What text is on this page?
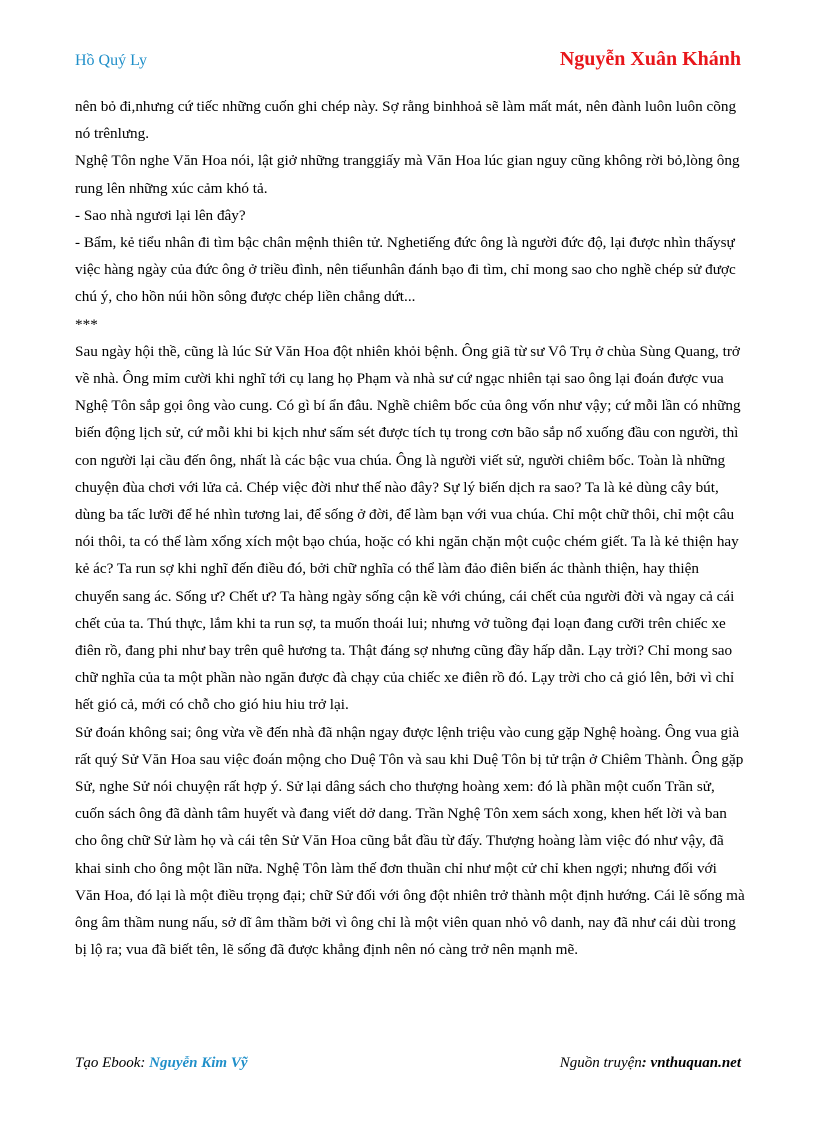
Hồ Quý Ly	Nguyễn Xuân Khánh

nên bỏ đi,nhưng cứ tiếc những cuốn ghi chép này. Sợ rằng binhhoả sẽ làm mất mát, nên đành luôn luôn cõng nó trênlưng.

Nghệ Tôn nghe Văn Hoa nói, lật giở những tranggiấy mà Văn Hoa lúc gian nguy cũng không rời bỏ,lòng ông rung lên những xúc cảm khó tả.

- Sao nhà ngươi lại lên đây?

- Bẩm, kẻ tiểu nhân đi tìm bậc chân mệnh thiên tử. Nghetiếng đức ông là người đức độ, lại được nhìn thấysự việc hàng ngày của đức ông ở triều đình, nên tiểunhân đánh bạo đi tìm, chỉ mong sao cho nghề chép sử được chú ý, cho hồn núi hồn sông được chép liền chẳng dứt...

***

Sau ngày hội thề, cũng là lúc Sử Văn Hoa đột nhiên khỏi bệnh. Ông giã từ sư Vô Trụ ở chùa Sùng Quang, trở về nhà. Ông mỉm cười khi nghĩ tới cụ lang họ Phạm và nhà sư cứ ngạc nhiên tại sao ông lại đoán được vua Nghệ Tôn sắp gọi ông vào cung. Có gì bí ẩn đâu. Nghề chiêm bốc của ông vốn như vậy; cứ mỗi lần có những biến động lịch sử, cứ mỗi khi bi kịch như sấm sét được tích tụ trong cơn bão sắp nổ xuống đầu con người, thì con người lại cầu đến ông, nhất là các bậc vua chúa. Ông là người viết sử, người chiêm bốc. Toàn là những chuyện đùa chơi với lửa cả. Chép việc đời như thế nào đây? Sự lý biến dịch ra sao? Ta là kẻ dùng cây bút, dùng ba tấc lưỡi để hé nhìn tương lai, để sống ở đời, để làm bạn với vua chúa. Chỉ một chữ thôi, chỉ một câu nói thôi, ta có thể làm xổng xích một bạo chúa, hoặc có khi ngăn chặn một cuộc chém giết. Ta là kẻ thiện hay kẻ ác? Ta run sợ khi nghĩ đến điều đó, bởi chữ nghĩa có thể làm đảo điên biến ác thành thiện, hay thiện chuyển sang ác. Sống ư? Chết ư? Ta hàng ngày sống cận kề với chúng, cái chết của người đời và ngay cả cái chết của ta. Thú thực, lắm khi ta run sợ, ta muốn thoái lui; nhưng vở tuồng đại loạn đang cưỡi trên chiếc xe điên rồ, đang phi như bay trên quê hương ta. Thật đáng sợ nhưng cũng đầy hấp dẫn. Lạy trời? Chỉ mong sao chữ nghĩa của ta một phần nào ngăn được đà chạy của chiếc xe điên rồ đó. Lạy trời cho cả gió lên, bởi vì chỉ hết gió cả, mới có chỗ cho gió hiu hiu trở lại.

Sử đoán không sai; ông vừa về đến nhà đã nhận ngay được lệnh triệu vào cung gặp Nghệ hoàng. Ông vua già rất quý Sử Văn Hoa sau việc đoán mộng cho Duệ Tôn và sau khi Duệ Tôn bị tử trận ở Chiêm Thành. Ông gặp Sử, nghe Sử nói chuyện rất hợp ý. Sử lại dâng sách cho thượng hoàng xem: đó là phần một cuốn Trần sử, cuốn sách ông đã dành tâm huyết và đang viết dở dang. Trần Nghệ Tôn xem sách xong, khen hết lời và ban cho ông chữ Sử làm họ và cái tên Sử Văn Hoa cũng bắt đầu từ đấy. Thượng hoàng làm việc đó như vậy, đã khai sinh cho ông một lần nữa. Nghệ Tôn làm thế đơn thuần chỉ như một cử chỉ khen ngợi; nhưng đối với Văn Hoa, đó lại là một điều trọng đại; chữ Sử đối với ông đột nhiên trở thành một định hướng. Cái lẽ sống mà ông âm thầm nung nấu, sở dĩ âm thầm bởi vì ông chỉ là một viên quan nhỏ vô danh, nay đã như cái dùi trong bị lộ ra; vua đã biết tên, lẽ sống đã được khẳng định nên nó càng trở nên mạnh mẽ.

Tạo Ebook: Nguyễn Kim Vỹ	Nguồn truyện: vnthuquan.net
